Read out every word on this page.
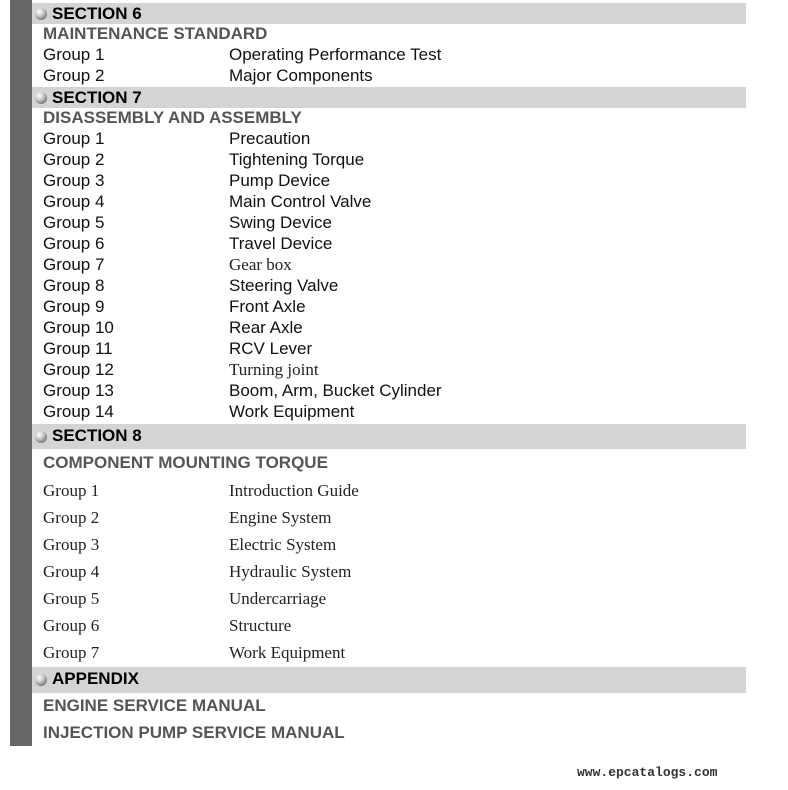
SECTION 6
MAINTENANCE STANDARD
Group 1	Operating Performance Test
Group 2	Major Components
SECTION 7
DISASSEMBLY AND ASSEMBLY
Group 1	Precaution
Group 2	Tightening Torque
Group 3	Pump Device
Group 4	Main Control Valve
Group 5	Swing Device
Group 6	Travel Device
Group 7	Gear box
Group 8	Steering Valve
Group 9	Front Axle
Group 10	Rear Axle
Group 11	RCV Lever
Group 12	Turning joint
Group 13	Boom, Arm, Bucket Cylinder
Group 14	Work Equipment
SECTION 8
COMPONENT MOUNTING TORQUE
Group 1	Introduction Guide
Group 2	Engine System
Group 3	Electric System
Group 4	Hydraulic System
Group 5	Undercarriage
Group 6	Structure
Group 7	Work Equipment
APPENDIX
ENGINE SERVICE MANUAL
INJECTION PUMP SERVICE MANUAL
www.epcatalogs.com
